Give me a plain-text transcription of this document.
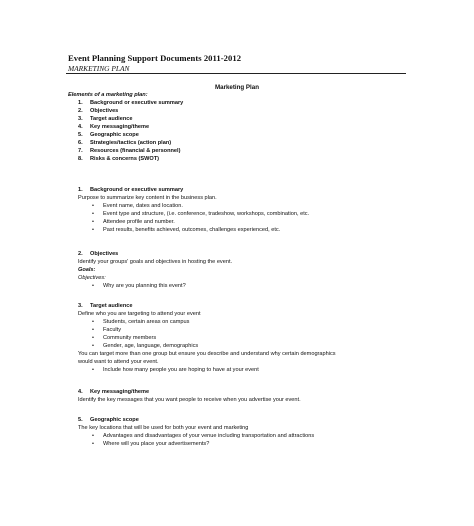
Event Planning Support Documents 2011-2012
MARKETING PLAN
Marketing Plan
Elements of a marketing plan:
1. Background or executive summary
2. Objectives
3. Target audience
4. Key messaging/theme
5. Geographic scope
6. Strategies/tactics (action plan)
7. Resources (financial & personnel)
8. Risks & concerns (SWOT)
1. Background or executive summary
Purpose to summarize key content in the business plan.
• Event name, dates and location.
• Event type and structure, (i.e. conference, tradeshow, workshops, combination, etc.
• Attendee profile and number.
• Past results, benefits achieved, outcomes, challenges experienced, etc.
2. Objectives
Identify your groups' goals and objectives in hosting the event.
Goals:
Objectives:
• Why are you planning this event?
3. Target audience
Define who you are targeting to attend your event
• Students, certain areas on campus
• Faculty
• Community members
• Gender, age, language, demographics
You can target more than one group but ensure you describe and understand why certain demographics
would want to attend your event.
• Include how many people you are hoping to have at your event
4. Key messaging/theme
Identify the key messages that you want people to receive when you advertise your event.
5. Geographic scope
The key locations that will be used for both your event and marketing
• Advantages and disadvantages of your venue including transportation and attractions
• Where will you place your advertisements?
